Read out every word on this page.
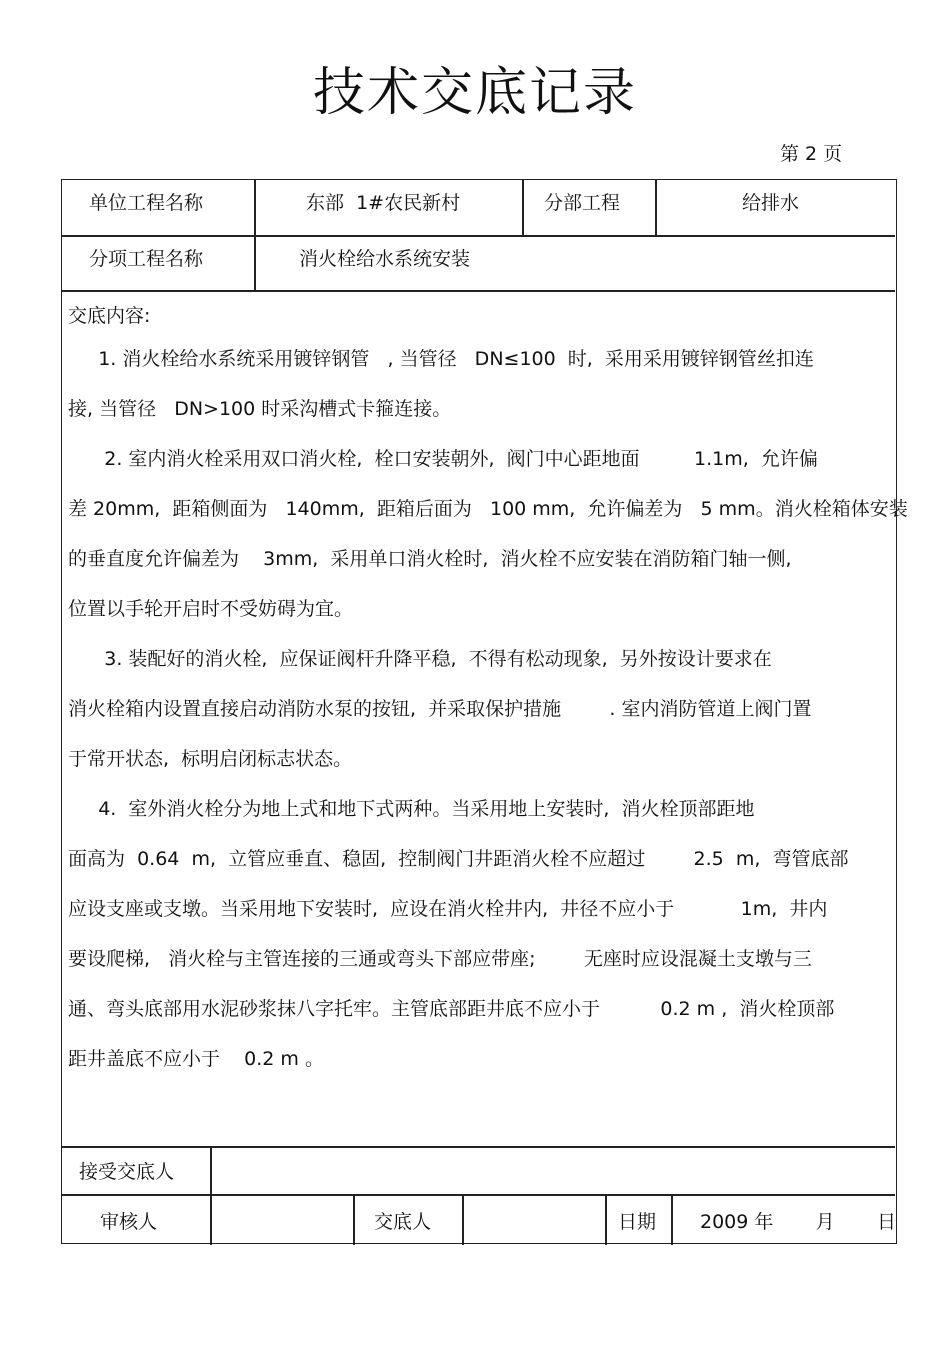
技术交底记录
第 2 页
单位工程名称	东部  1#农民新村	分部工程	给排水
分项工程名称	消火栓给水系统安装
交底内容:
1. 消火栓给水系统采用镀锌钢管   , 当管径   DN≤100  时,  采用采用镀锌钢管丝扣连
接, 当管径   DN>100 时采沟槽式卡箍连接。
2. 室内消火栓采用双口消火栓,  栓口安装朝外,  阀门中心距地面         1.1m,  允许偏
差 20mm,  距箱侧面为   140mm,  距箱后面为   100 mm,  允许偏差为   5 mm。消火栓箱体安装
的垂直度允许偏差为    3mm,  采用单口消火栓时,  消火栓不应安装在消防箱门轴一侧,
位置以手轮开启时不受妨碍为宜。
3. 装配好的消火栓,  应保证阀杆升降平稳,  不得有松动现象,  另外按设计要求在
消火栓箱内设置直接启动消防水泵的按钮,  并采取保护措施        . 室内消防管道上阀门置
于常开状态,  标明启闭标志状态。
4.  室外消火栓分为地上式和地下式两种。当采用地上安装时,  消火栓顶部距地
面高为  0.64  m,  立管应垂直、稳固,  控制阀门井距消火栓不应超过        2.5  m,  弯管底部
应设支座或支墩。当采用地下安装时,  应设在消火栓井内,  井径不应小于           1m,  井内
要设爬梯,   消火栓与主管连接的三通或弯头下部应带座;        无座时应设混凝土支墩与三
通、弯头底部用水泥砂浆抹八字托牢。主管底部距井底不应小于          0.2 m ,  消火栓顶部
距井盖底不应小于    0.2 m 。
接受交底人
审核人	交底人	日期 2009 年       月       日
